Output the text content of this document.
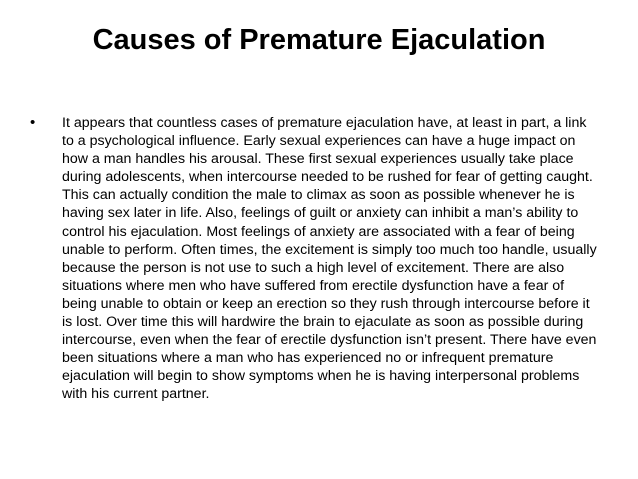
Causes of Premature Ejaculation
• It appears that countless cases of premature ejaculation have, at least in part, a link to a psychological influence. Early sexual experiences can have a huge impact on how a man handles his arousal. These first sexual experiences usually take place during adolescents, when intercourse needed to be rushed for fear of getting caught. This can actually condition the male to climax as soon as possible whenever he is having sex later in life. Also, feelings of guilt or anxiety can inhibit a man’s ability to control his ejaculation. Most feelings of anxiety are associated with a fear of being unable to perform. Often times, the excitement is simply too much too handle, usually because the person is not use to such a high level of excitement. There are also situations where men who have suffered from erectile dysfunction have a fear of being unable to obtain or keep an erection so they rush through intercourse before it is lost. Over time this will hardwire the brain to ejaculate as soon as possible during intercourse, even when the fear of erectile dysfunction isn’t present. There have even been situations where a man who has experienced no or infrequent premature ejaculation will begin to show symptoms when he is having interpersonal problems with his current partner.
